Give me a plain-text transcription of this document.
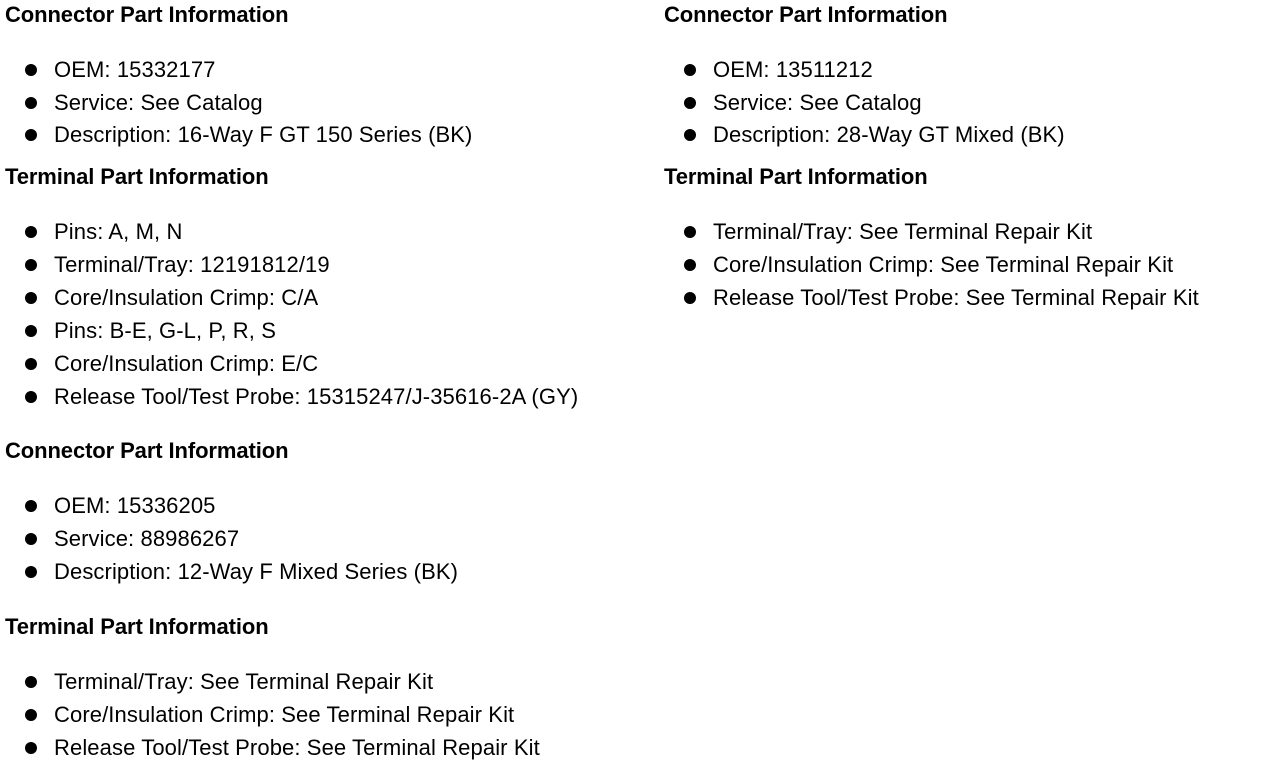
Connector Part Information
OEM: 15332177
Service: See Catalog
Description: 16-Way F GT 150 Series (BK)
Terminal Part Information
Pins: A, M, N
Terminal/Tray: 12191812/19
Core/Insulation Crimp: C/A
Pins: B-E, G-L, P, R, S
Core/Insulation Crimp: E/C
Release Tool/Test Probe: 15315247/J-35616-2A (GY)
Connector Part Information
OEM: 15336205
Service: 88986267
Description: 12-Way F Mixed Series (BK)
Terminal Part Information
Terminal/Tray: See Terminal Repair Kit
Core/Insulation Crimp: See Terminal Repair Kit
Release Tool/Test Probe: See Terminal Repair Kit
Connector Part Information
OEM: 13511212
Service: See Catalog
Description: 28-Way GT Mixed (BK)
Terminal Part Information
Terminal/Tray: See Terminal Repair Kit
Core/Insulation Crimp: See Terminal Repair Kit
Release Tool/Test Probe: See Terminal Repair Kit
